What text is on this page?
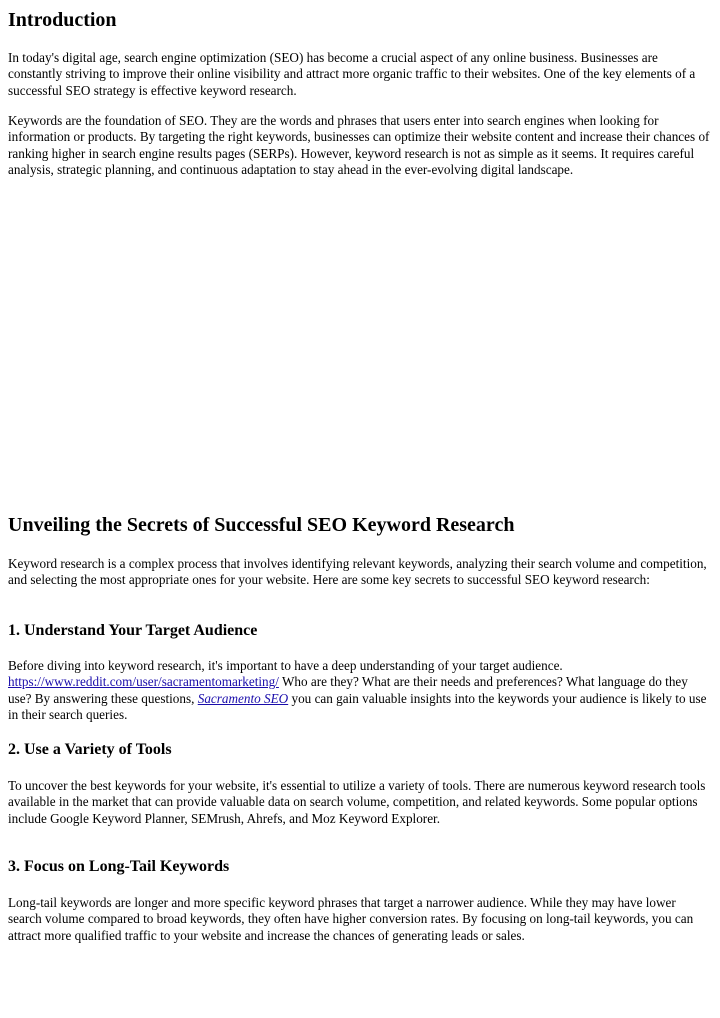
Introduction

In today's digital age, search engine optimization (SEO) has become a crucial aspect of any online business. Businesses are constantly striving to improve their online visibility and attract more organic traffic to their websites. One of the key elements of a successful SEO strategy is effective keyword research.

Keywords are the foundation of SEO. They are the words and phrases that users enter into search engines when looking for information or products. By targeting the right keywords, businesses can optimize their website content and increase their chances of ranking higher in search engine results pages (SERPs). However, keyword research is not as simple as it seems. It requires careful analysis, strategic planning, and continuous adaptation to stay ahead in the ever-evolving digital landscape.

Unveiling the Secrets of Successful SEO Keyword Research

Keyword research is a complex process that involves identifying relevant keywords, analyzing their search volume and competition, and selecting the most appropriate ones for your website. Here are some key secrets to successful SEO keyword research:

1. Understand Your Target Audience

Before diving into keyword research, it's important to have a deep understanding of your target audience. https://www.reddit.com/user/sacramentomarketing/ Who are they? What are their needs and preferences? What language do they use? By answering these questions, Sacramento SEO you can gain valuable insights into the keywords your audience is likely to use in their search queries.

2. Use a Variety of Tools

To uncover the best keywords for your website, it's essential to utilize a variety of tools. There are numerous keyword research tools available in the market that can provide valuable data on search volume, competition, and related keywords. Some popular options include Google Keyword Planner, SEMrush, Ahrefs, and Moz Keyword Explorer.

3. Focus on Long-Tail Keywords

Long-tail keywords are longer and more specific keyword phrases that target a narrower audience. While they may have lower search volume compared to broad keywords, they often have higher conversion rates. By focusing on long-tail keywords, you can attract more qualified traffic to your website and increase the chances of generating leads or sales.
